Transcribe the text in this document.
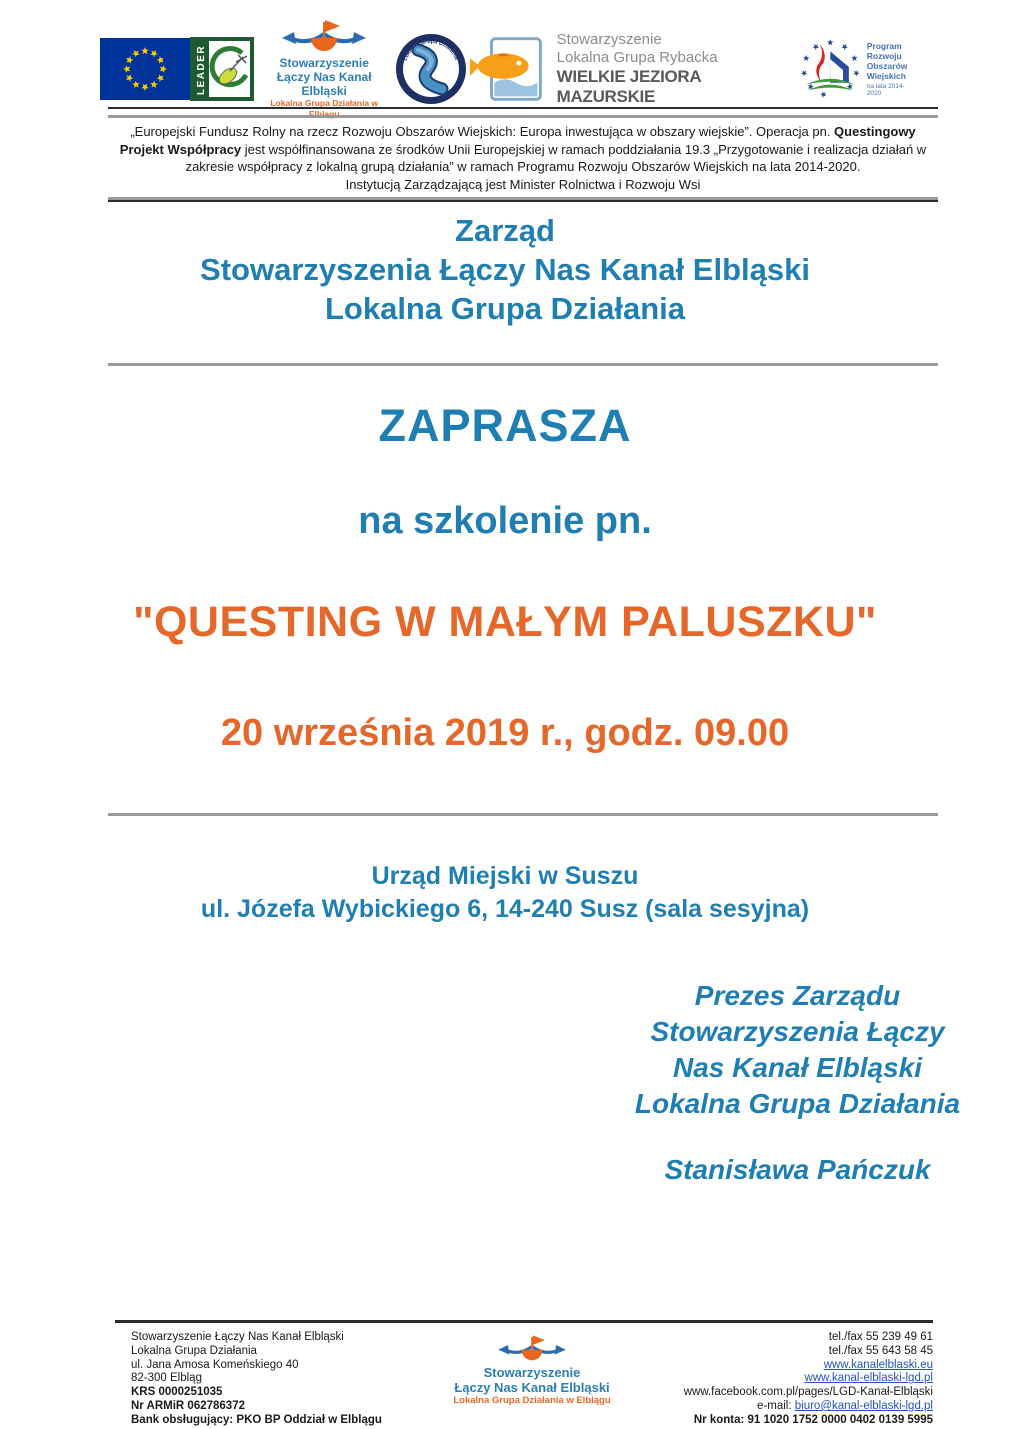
LEADER	Stowarzyszenie
Łączy Nas Kanał Elbląski
Lokalna Grupa Działania w Elblągu
Lokalna Grupa Działania
Stowarzyszenie
Lokalna Grupa Rybacka
WIELKIE JEZIORA MAZURSKIE
Program
Rozwoju
Obszarów
Wiejskich
na lata 2014-2020

„Europejski Fundusz Rolny na rzecz Rozwoju Obszarów Wiejskich: Europa inwestująca w obszary wiejskie”. Operacja pn. Questingowy Projekt Współpracy jest współfinansowana ze środków Unii Europejskiej w ramach poddziałania 19.3 „Przygotowanie i realizacja działań w zakresie współpracy z lokalną grupą działania” w ramach Programu Rozwoju Obszarów Wiejskich na lata 2014-2020.

Instytucją Zarządzającą jest Minister Rolnictwa i Rozwoju Wsi

Zarząd
Stowarzyszenia Łączy Nas Kanał Elbląski
Lokalna Grupa Działania
ZAPRASZA
na szkolenie pn.
"QUESTING W MAŁYM PALUSZKU"
20 września 2019 r., godz. 09.00
Urząd Miejski w Suszu
ul. Józefa Wybickiego 6, 14-240 Susz (sala sesyjna)
Prezes Zarządu
Stowarzyszenia Łączy
Nas Kanał Elbląski
Lokalna Grupa Działania
Stanisława Pańczuk
Stowarzyszenie Łączy Nas Kanał Elbląski
Lokalna Grupa Działania
ul. Jana Amosa Komeńskiego 40
82-300 Elbląg
KRS 0000251035
Nr ARMiR 062786372
Bank obsługujący: PKO BP Oddział w Elblągu
Stowarzyszenie
Łączy Nas Kanał Elbląski
Lokalna Grupa Działania w Elblągu
tel./fax 55 239 49 61
tel./fax 55 643 58 45
www.kanalelblaski.eu
www.kanal-elblaski-lgd.pl
www.facebook.com.pl/pages/LGD-Kanał-Elbląski
e-mail: biuro@kanal-elblaski-lgd.pl
Nr konta: 91 1020 1752 0000 0402 0139 5995
